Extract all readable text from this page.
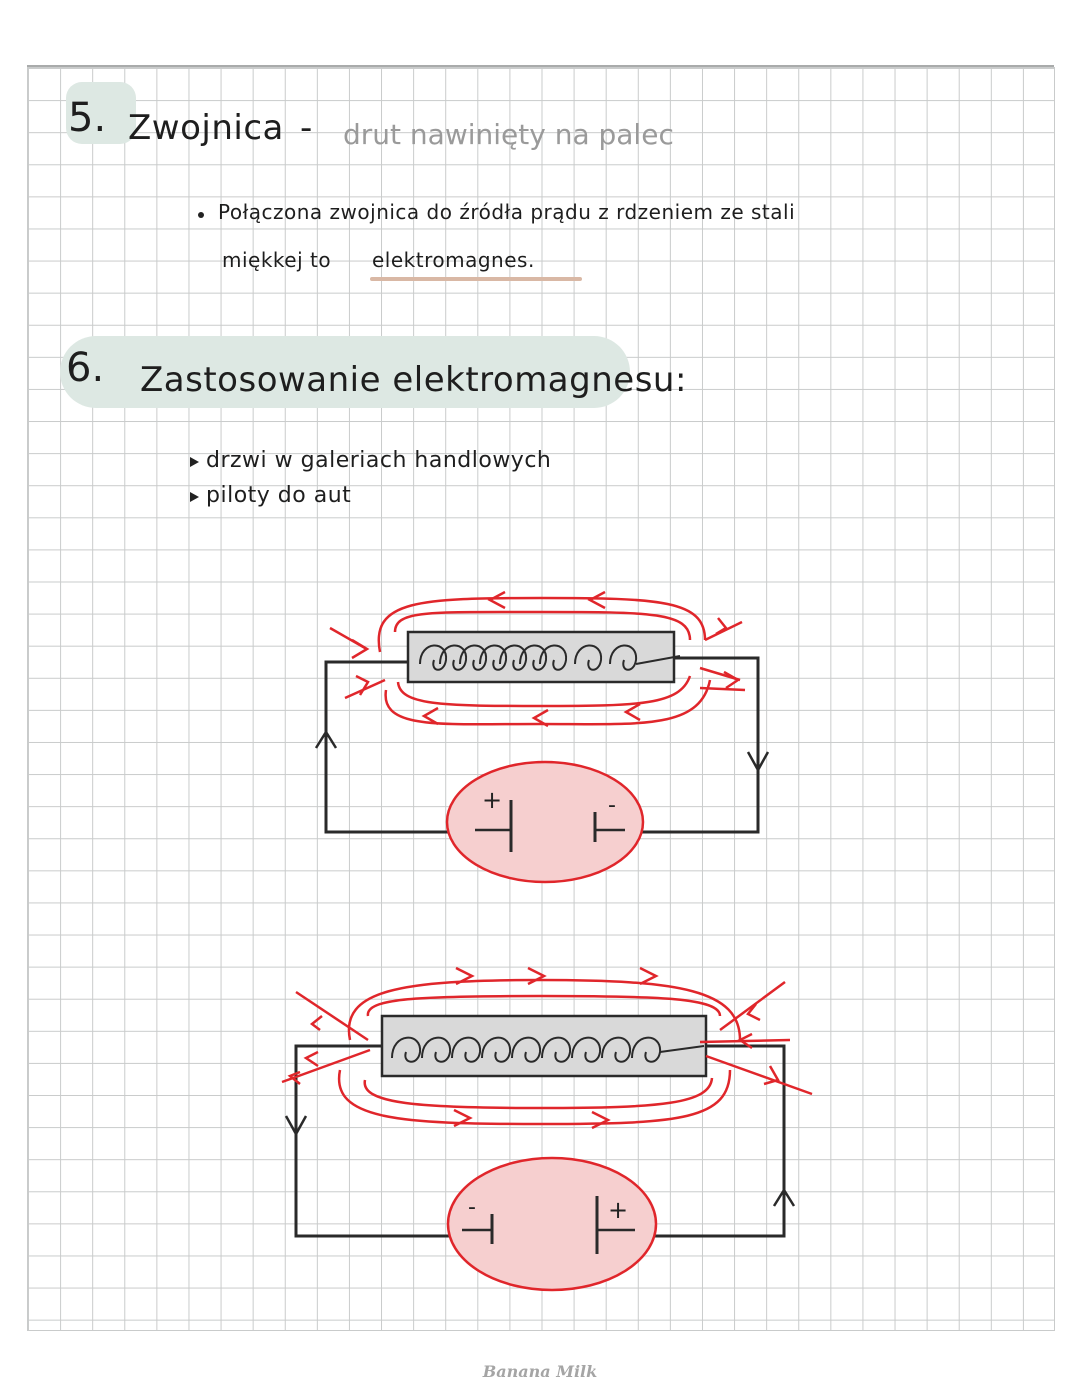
5. Zwojnica - drut nawinięty na palec
Połączona zwojnica do źródła prądu z rdzeniem ze stali
miękkej to elektromagnes.
6. Zastosowanie elektromagnesu:
drzwi w galeriach handlowych
piloty do aut
+	-
-	+
Banana Milk
